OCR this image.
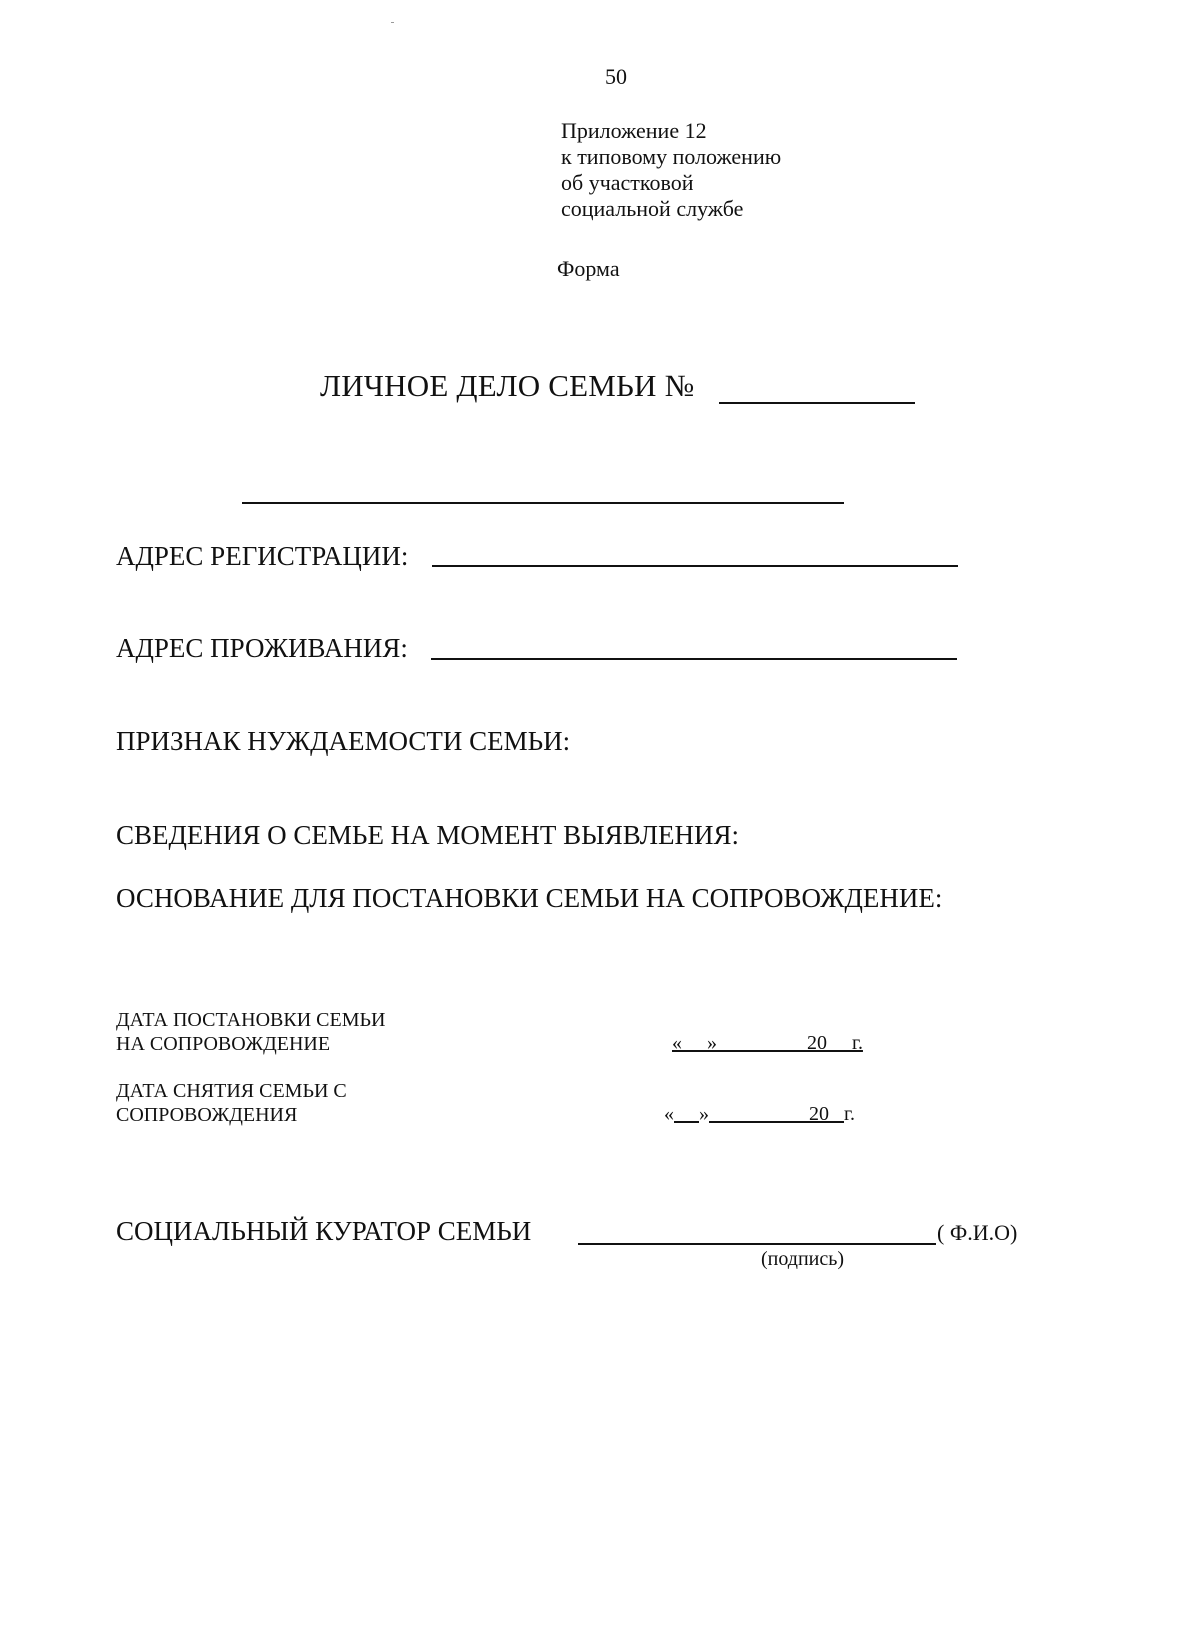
50
Приложение 12
к типовому положению
об участковой
социальной службе
Форма
ЛИЧНОЕ ДЕЛО СЕМЬИ №
АДРЕС РЕГИСТРАЦИИ:
АДРЕС ПРОЖИВАНИЯ:
ПРИЗНАК НУЖДАЕМОСТИ СЕМЬИ:
СВЕДЕНИЯ О СЕМЬЕ НА МОМЕНТ ВЫЯВЛЕНИЯ:
ОСНОВАНИЕ ДЛЯ ПОСТАНОВКИ СЕМЬИ НА СОПРОВОЖДЕНИЕ:
ДАТА ПОСТАНОВКИ СЕМЬИ
НА СОПРОВОЖДЕНИЕ	«     »                  20     г.
ДАТА СНЯТИЯ СЕМЬИ С
СОПРОВОЖДЕНИЯ	« »	20 г.
СОЦИАЛЬНЫЙ КУРАТОР СЕМЬИ	( Ф.И.О)
(подпись)
